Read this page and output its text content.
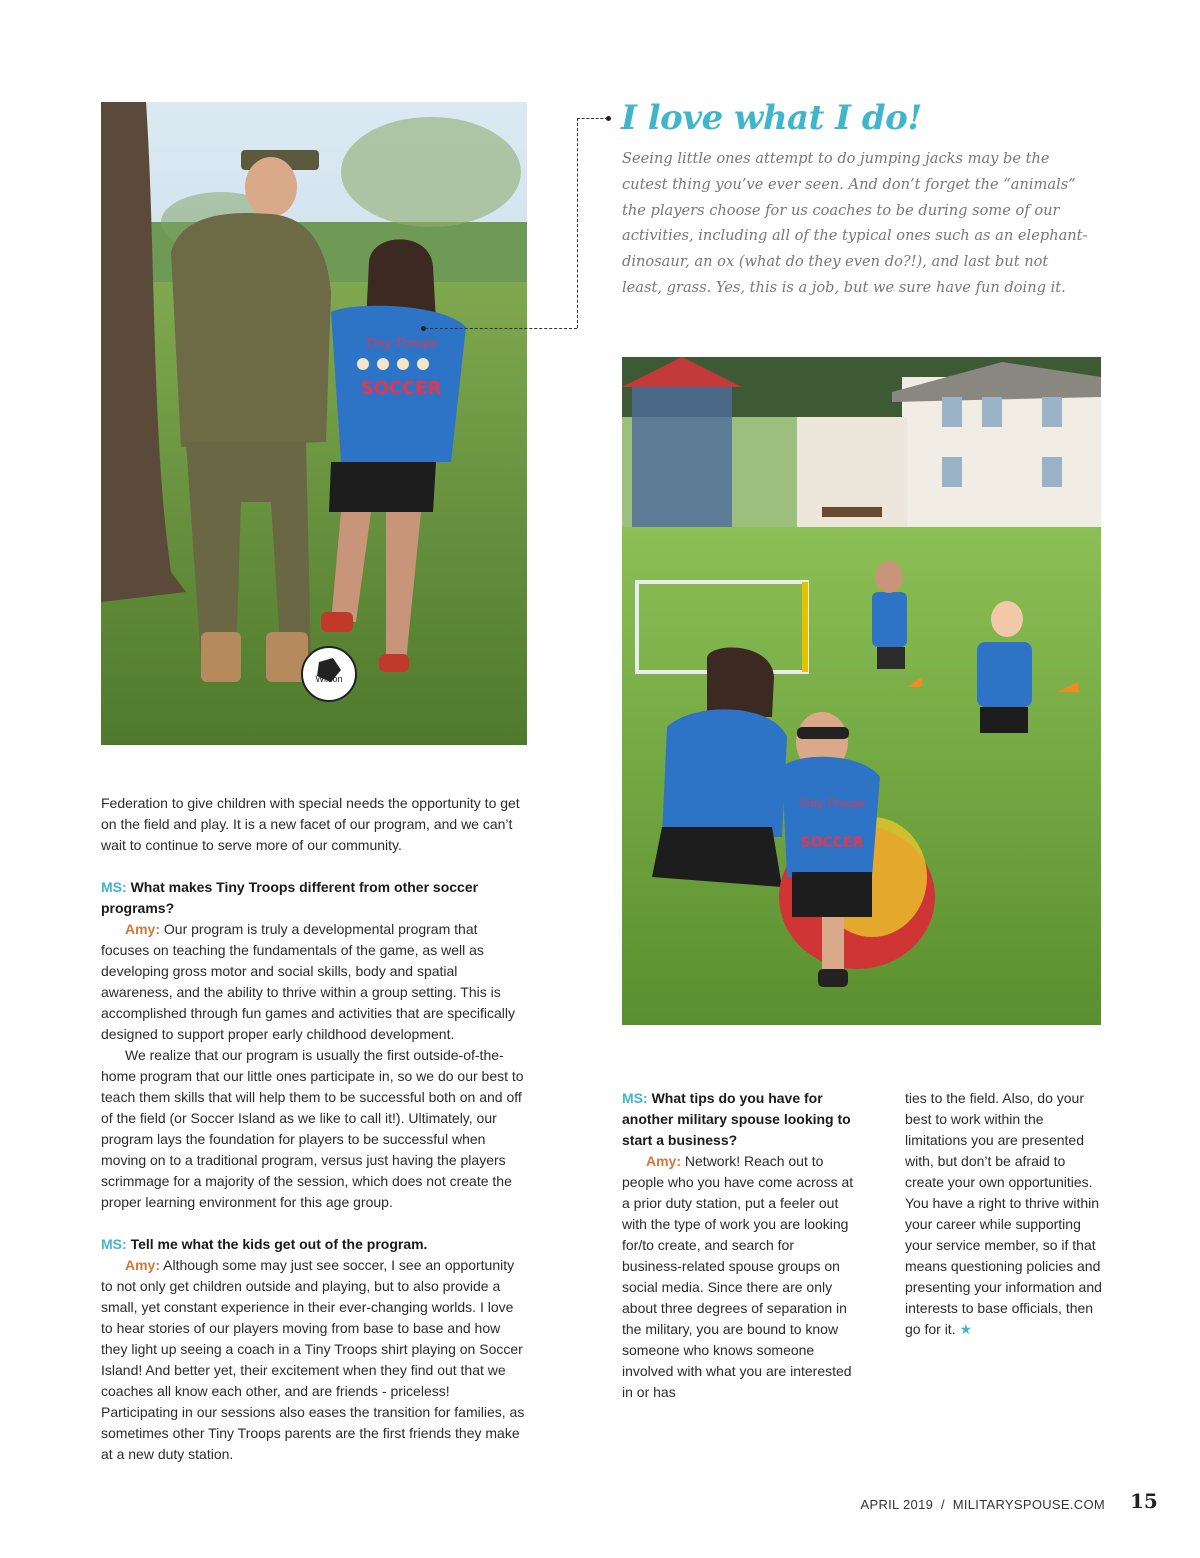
Wilson
Tiny Troops
SOCCER
I love what I do!

Seeing little ones attempt to do jumping jacks may be the cutest thing you’ve ever seen. And don’t forget the “animals” the players choose for us coaches to be during some of our activities, including all of the typical ones such as an elephant-dinosaur, an ox (what do they even do?!), and last but not least, grass. Yes, this is a job, but we sure have fun doing it.

Tiny Troops
SOCCER

Federation to give children with special needs the opportunity to get on the field and play. It is a new facet of our program, and we can’t wait to continue to serve more of our community.

MS: What makes Tiny Troops different from other soccer programs?

Amy: Our program is truly a developmental program that focuses on teaching the fundamentals of the game, as well as developing gross motor and social skills, body and spatial awareness, and the ability to thrive within a group setting. This is accomplished through fun games and activities that are specifically designed to support proper early childhood development.

We realize that our program is usually the first outside-of-the-home program that our little ones participate in, so we do our best to teach them skills that will help them to be successful both on and off of the field (or Soccer Island as we like to call it!). Ultimately, our program lays the foundation for players to be successful when moving on to a traditional program, versus just having the players scrimmage for a majority of the session, which does not create the proper learning environment for this age group.

MS: Tell me what the kids get out of the program.

Amy: Although some may just see soccer, I see an opportunity to not only get children outside and playing, but to also provide a small, yet constant experience in their ever-changing worlds. I love to hear stories of our players moving from base to base and how they light up seeing a coach in a Tiny Troops shirt playing on Soccer Island! And better yet, their excitement when they find out that we coaches all know each other, and are friends - priceless! Participating in our sessions also eases the transition for families, as sometimes other Tiny Troops parents are the first friends they make at a new duty station.

MS: What tips do you have for another military spouse looking to start a business?

Amy: Network! Reach out to people who you have come across at a prior duty station, put a feeler out with the type of work you are looking for/to create, and search for business-related spouse groups on social media. Since there are only about three degrees of separation in the military, you are bound to know someone who knows someone involved with what you are interested in or has

ties to the field. Also, do your best to work within the limitations you are presented with, but don’t be afraid to create your own opportunities. You have a right to thrive within your career while supporting your service member, so if that means questioning policies and presenting your information and interests to base officials, then go for it. ★

APRIL 2019 / MILITARYSPOUSE.COM 15
